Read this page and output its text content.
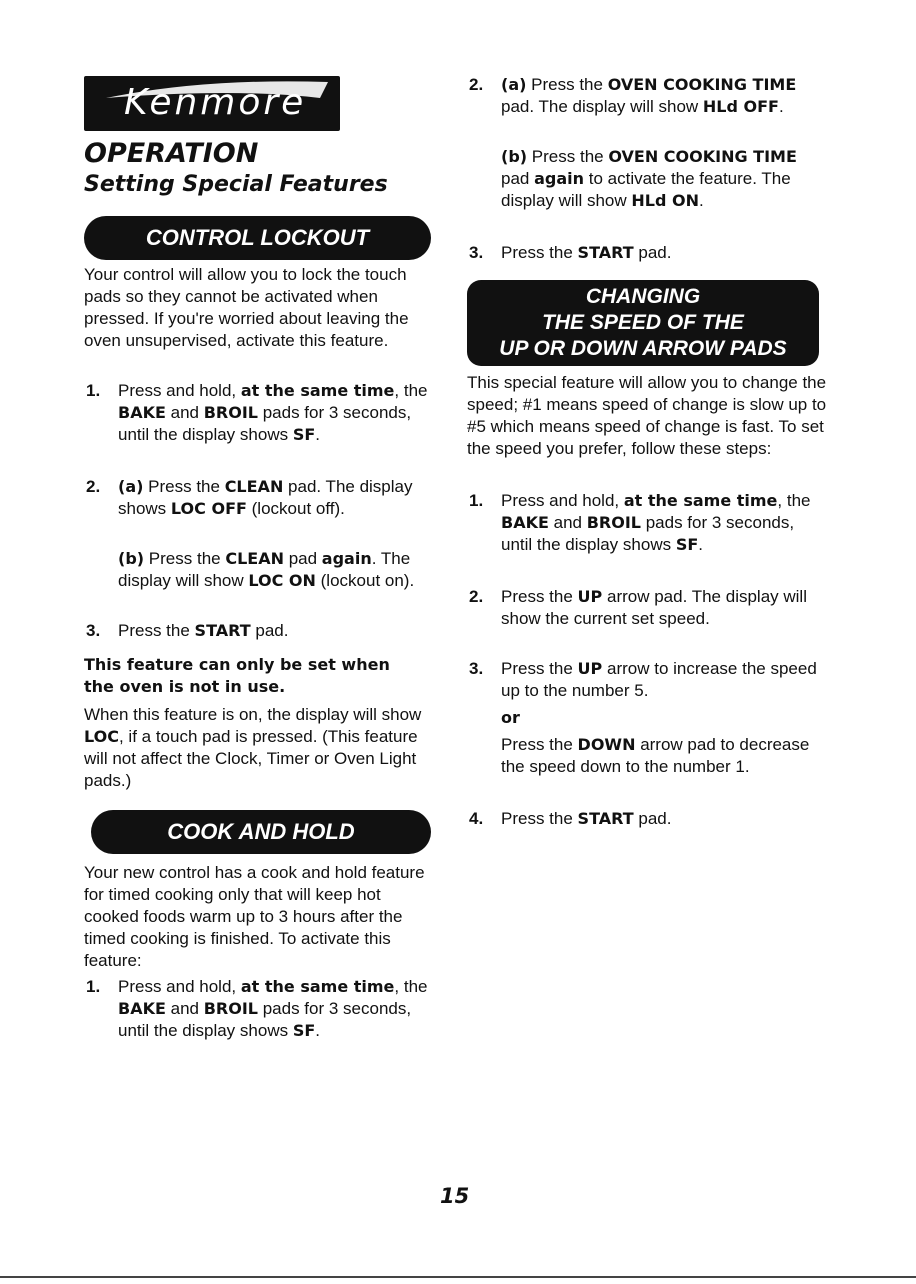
Kenmore
OPERATION
Setting Special Features
CONTROL LOCKOUT

Your control will allow you to lock the touch pads so they cannot be activated when pressed. If you're worried about leaving the oven unsupervised, activate this feature.

1. Press and hold, at the same time, the BAKE and BROIL pads for 3 seconds, until the display shows SF.
2. (a) Press the CLEAN pad. The display shows LOC OFF (lockout off).
(b) Press the CLEAN pad again. The display will show LOC ON (lockout on).
3. Press the START pad.
This feature can only be set when the oven is not in use.

When this feature is on, the display will show LOC, if a touch pad is pressed. (This feature will not affect the Clock, Timer or Oven Light pads.)

COOK AND HOLD

Your new control has a cook and hold feature for timed cooking only that will keep hot cooked foods warm up to 3 hours after the timed cooking is finished. To activate this feature:

1. Press and hold, at the same time, the BAKE and BROIL pads for 3 seconds, until the display shows SF.
2. (a) Press the OVEN COOKING TIME pad. The display will show HLd OFF.
(b) Press the OVEN COOKING TIME pad again to activate the feature. The display will show HLd ON.
3. Press the START pad.
CHANGING
THE SPEED OF THE
UP OR DOWN ARROW PADS

This special feature will allow you to change the speed; #1 means speed of change is slow up to #5 which means speed of change is fast. To set the speed you prefer, follow these steps:

1. Press and hold, at the same time, the BAKE and BROIL pads for 3 seconds, until the display shows SF.
2. Press the UP arrow pad. The display will show the current set speed.
3. Press the UP arrow to increase the speed up to the number 5.
or
Press the DOWN arrow pad to decrease the speed down to the number 1.
4. Press the START pad.
15
